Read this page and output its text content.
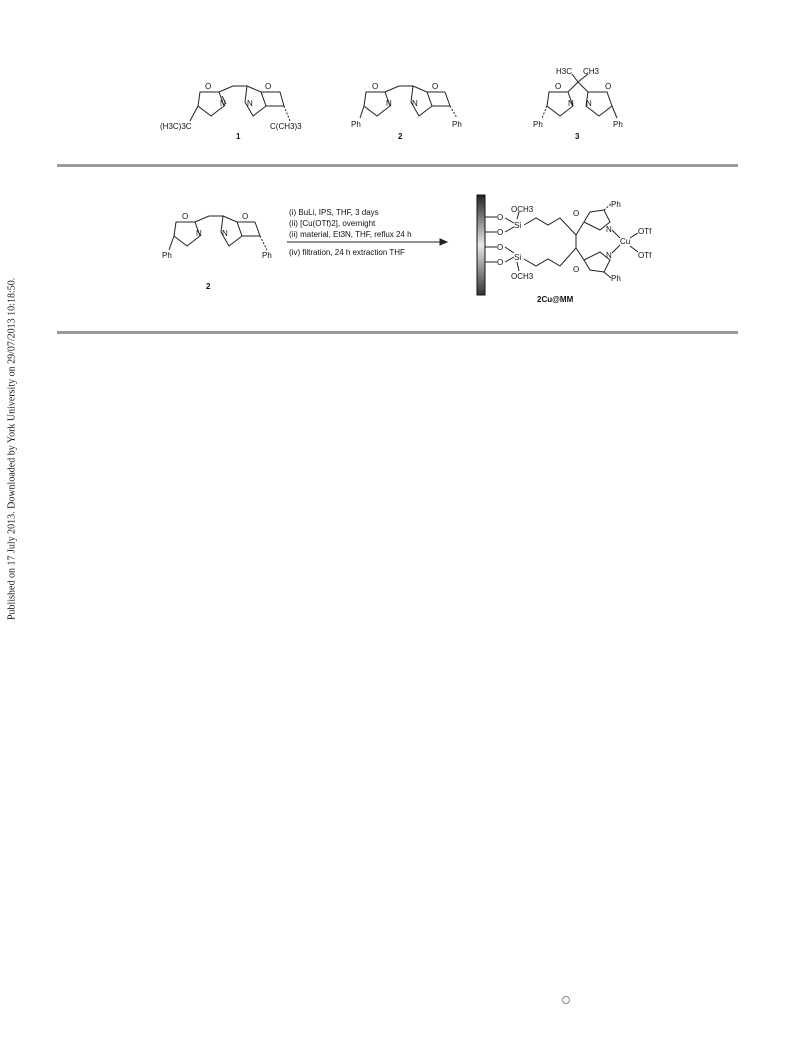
Published on 17 July 2013. Downloaded by York University on 29/07/2013 10:18:50.
O
N	N
O
(H3C)3C	C(CH3)3
1
O
N	N
O
Ph	Ph
2
H3C CH3
O
N N
O
Ph	Ph
3
O
N	N
O
Ph	Ph
2
(i) BuLi, IPS, THF, 3 days
(ii) [Cu(OTf)2], overnight
(ii) material, Et3N, THF, reflux 24 h
(iv) filtration, 24 h extraction THF
OCH3
O
Si
O
O
Si
O
OCH3
O
Ph
N
Cu
OTf
OTf
N
O
Ph
2Cu@MM
